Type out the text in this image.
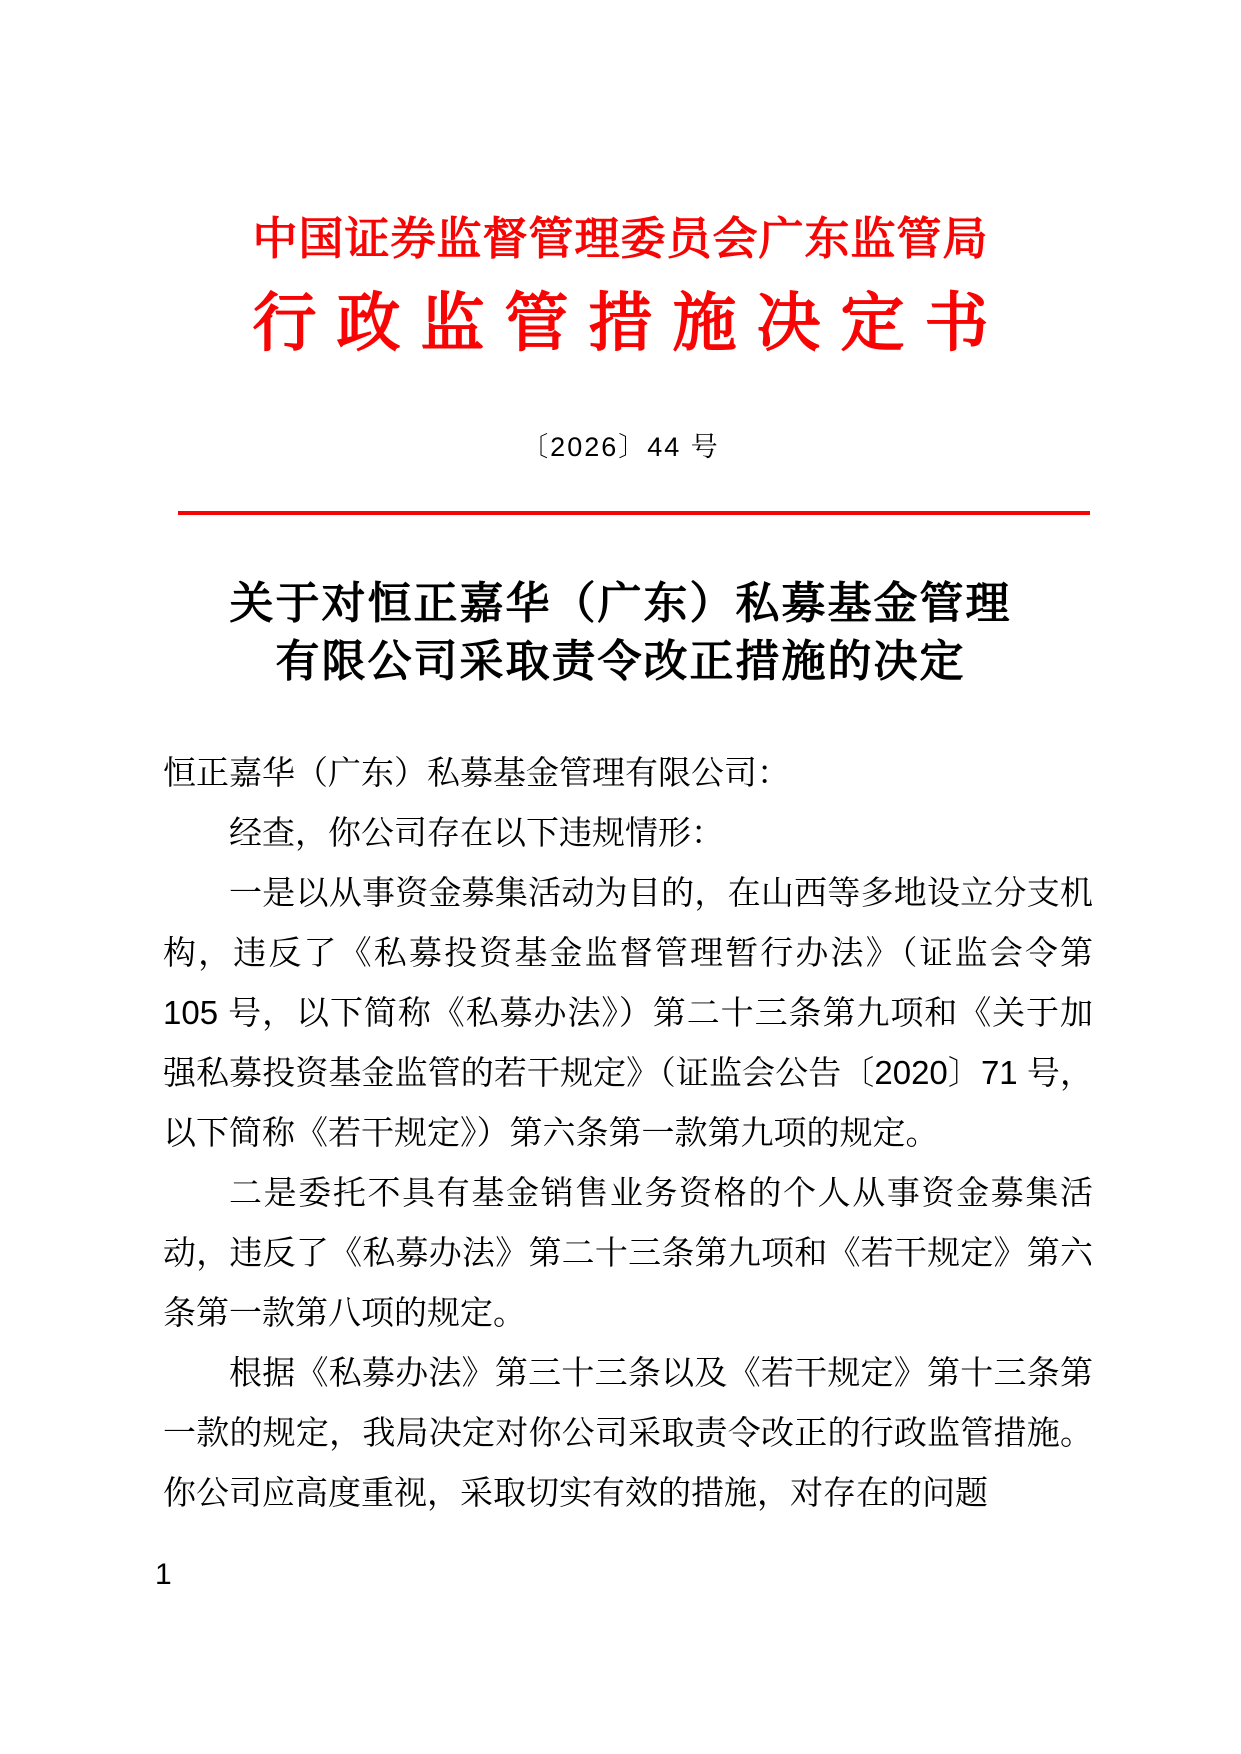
中国证券监督管理委员会广东监管局
行政监管措施决定书
〔2026〕44 号
关于对恒正嘉华（广东）私募基金管理
有限公司采取责令改正措施的决定

恒正嘉华（广东）私募基金管理有限公司：

经查，你公司存在以下违规情形：

一是以从事资金募集活动为目的，在山西等多地设立分支机构，违反了《私募投资基金监督管理暂行办法》（证监会令第 105 号，以下简称《私募办法》）第二十三条第九项和《关于加强私募投资基金监管的若干规定》（证监会公告〔2020〕71 号，以下简称《若干规定》）第六条第一款第九项的规定。

二是委托不具有基金销售业务资格的个人从事资金募集活动，违反了《私募办法》第二十三条第九项和《若干规定》第六条第一款第八项的规定。

根据《私募办法》第三十三条以及《若干规定》第十三条第一款的规定，我局决定对你公司采取责令改正的行政监管措施。你公司应高度重视，采取切实有效的措施，对存在的问题

1
